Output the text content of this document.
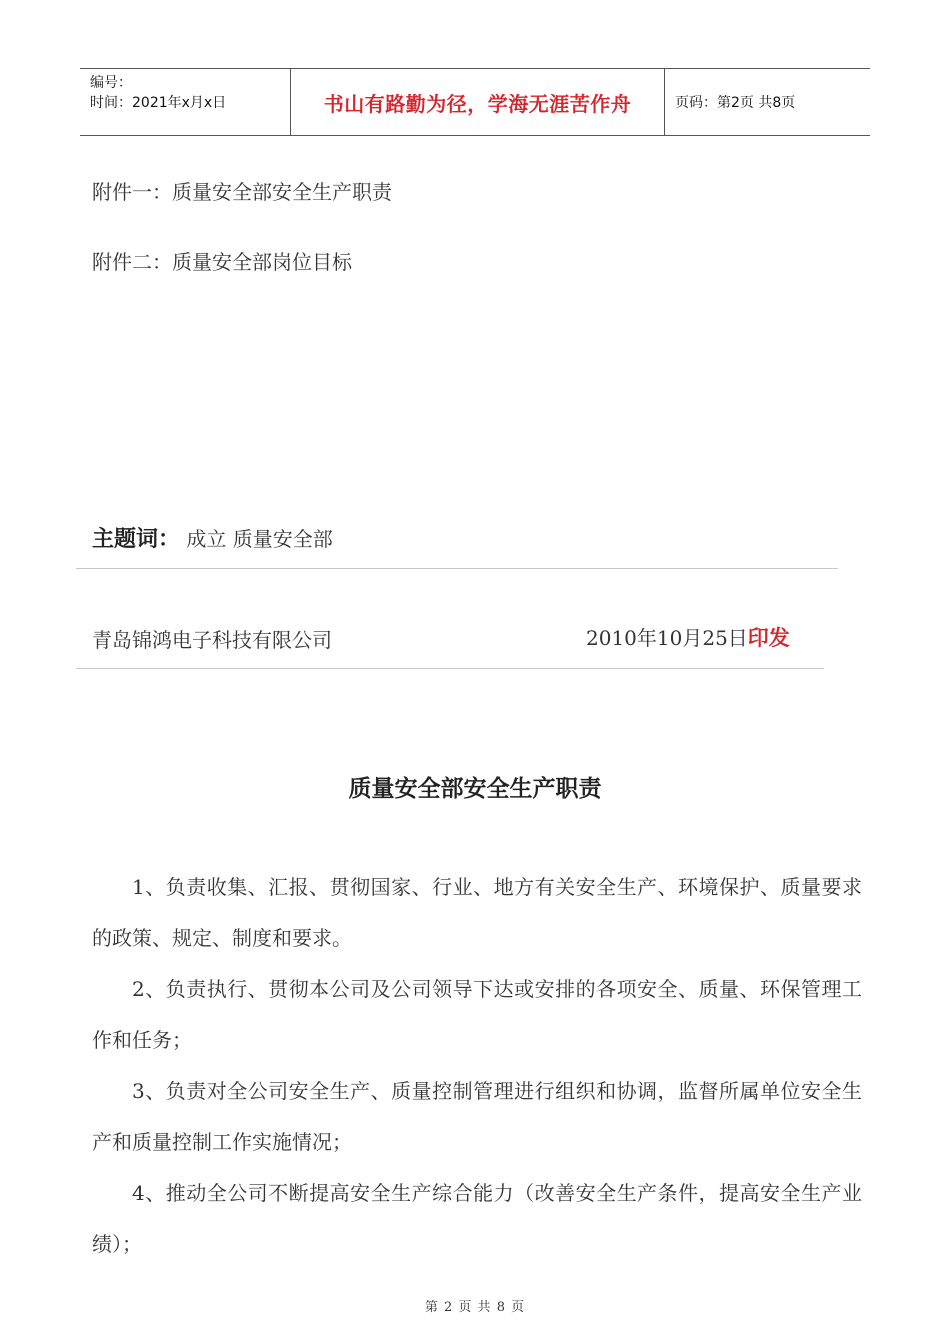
编号：
时间：2021年x月x日	书山有路勤为径，学海无涯苦作舟	页码：第2页 共8页
附件一：质量安全部安全生产职责
附件二：质量安全部岗位目标
主题词： 成立 质量安全部
青岛锦鸿电子科技有限公司	2010年10月25日印发
质量安全部安全生产职责

1、负责收集、汇报、贯彻国家、行业、地方有关安全生产、环境保护、质量要求的政策、规定、制度和要求。

2、负责执行、贯彻本公司及公司领导下达或安排的各项安全、质量、环保管理工作和任务；

3、负责对全公司安全生产、质量控制管理进行组织和协调，监督所属单位安全生产和质量控制工作实施情况；

4、推动全公司不断提高安全生产综合能力（改善安全生产条件，提高安全生产业绩）；

第 2 页 共 8 页
